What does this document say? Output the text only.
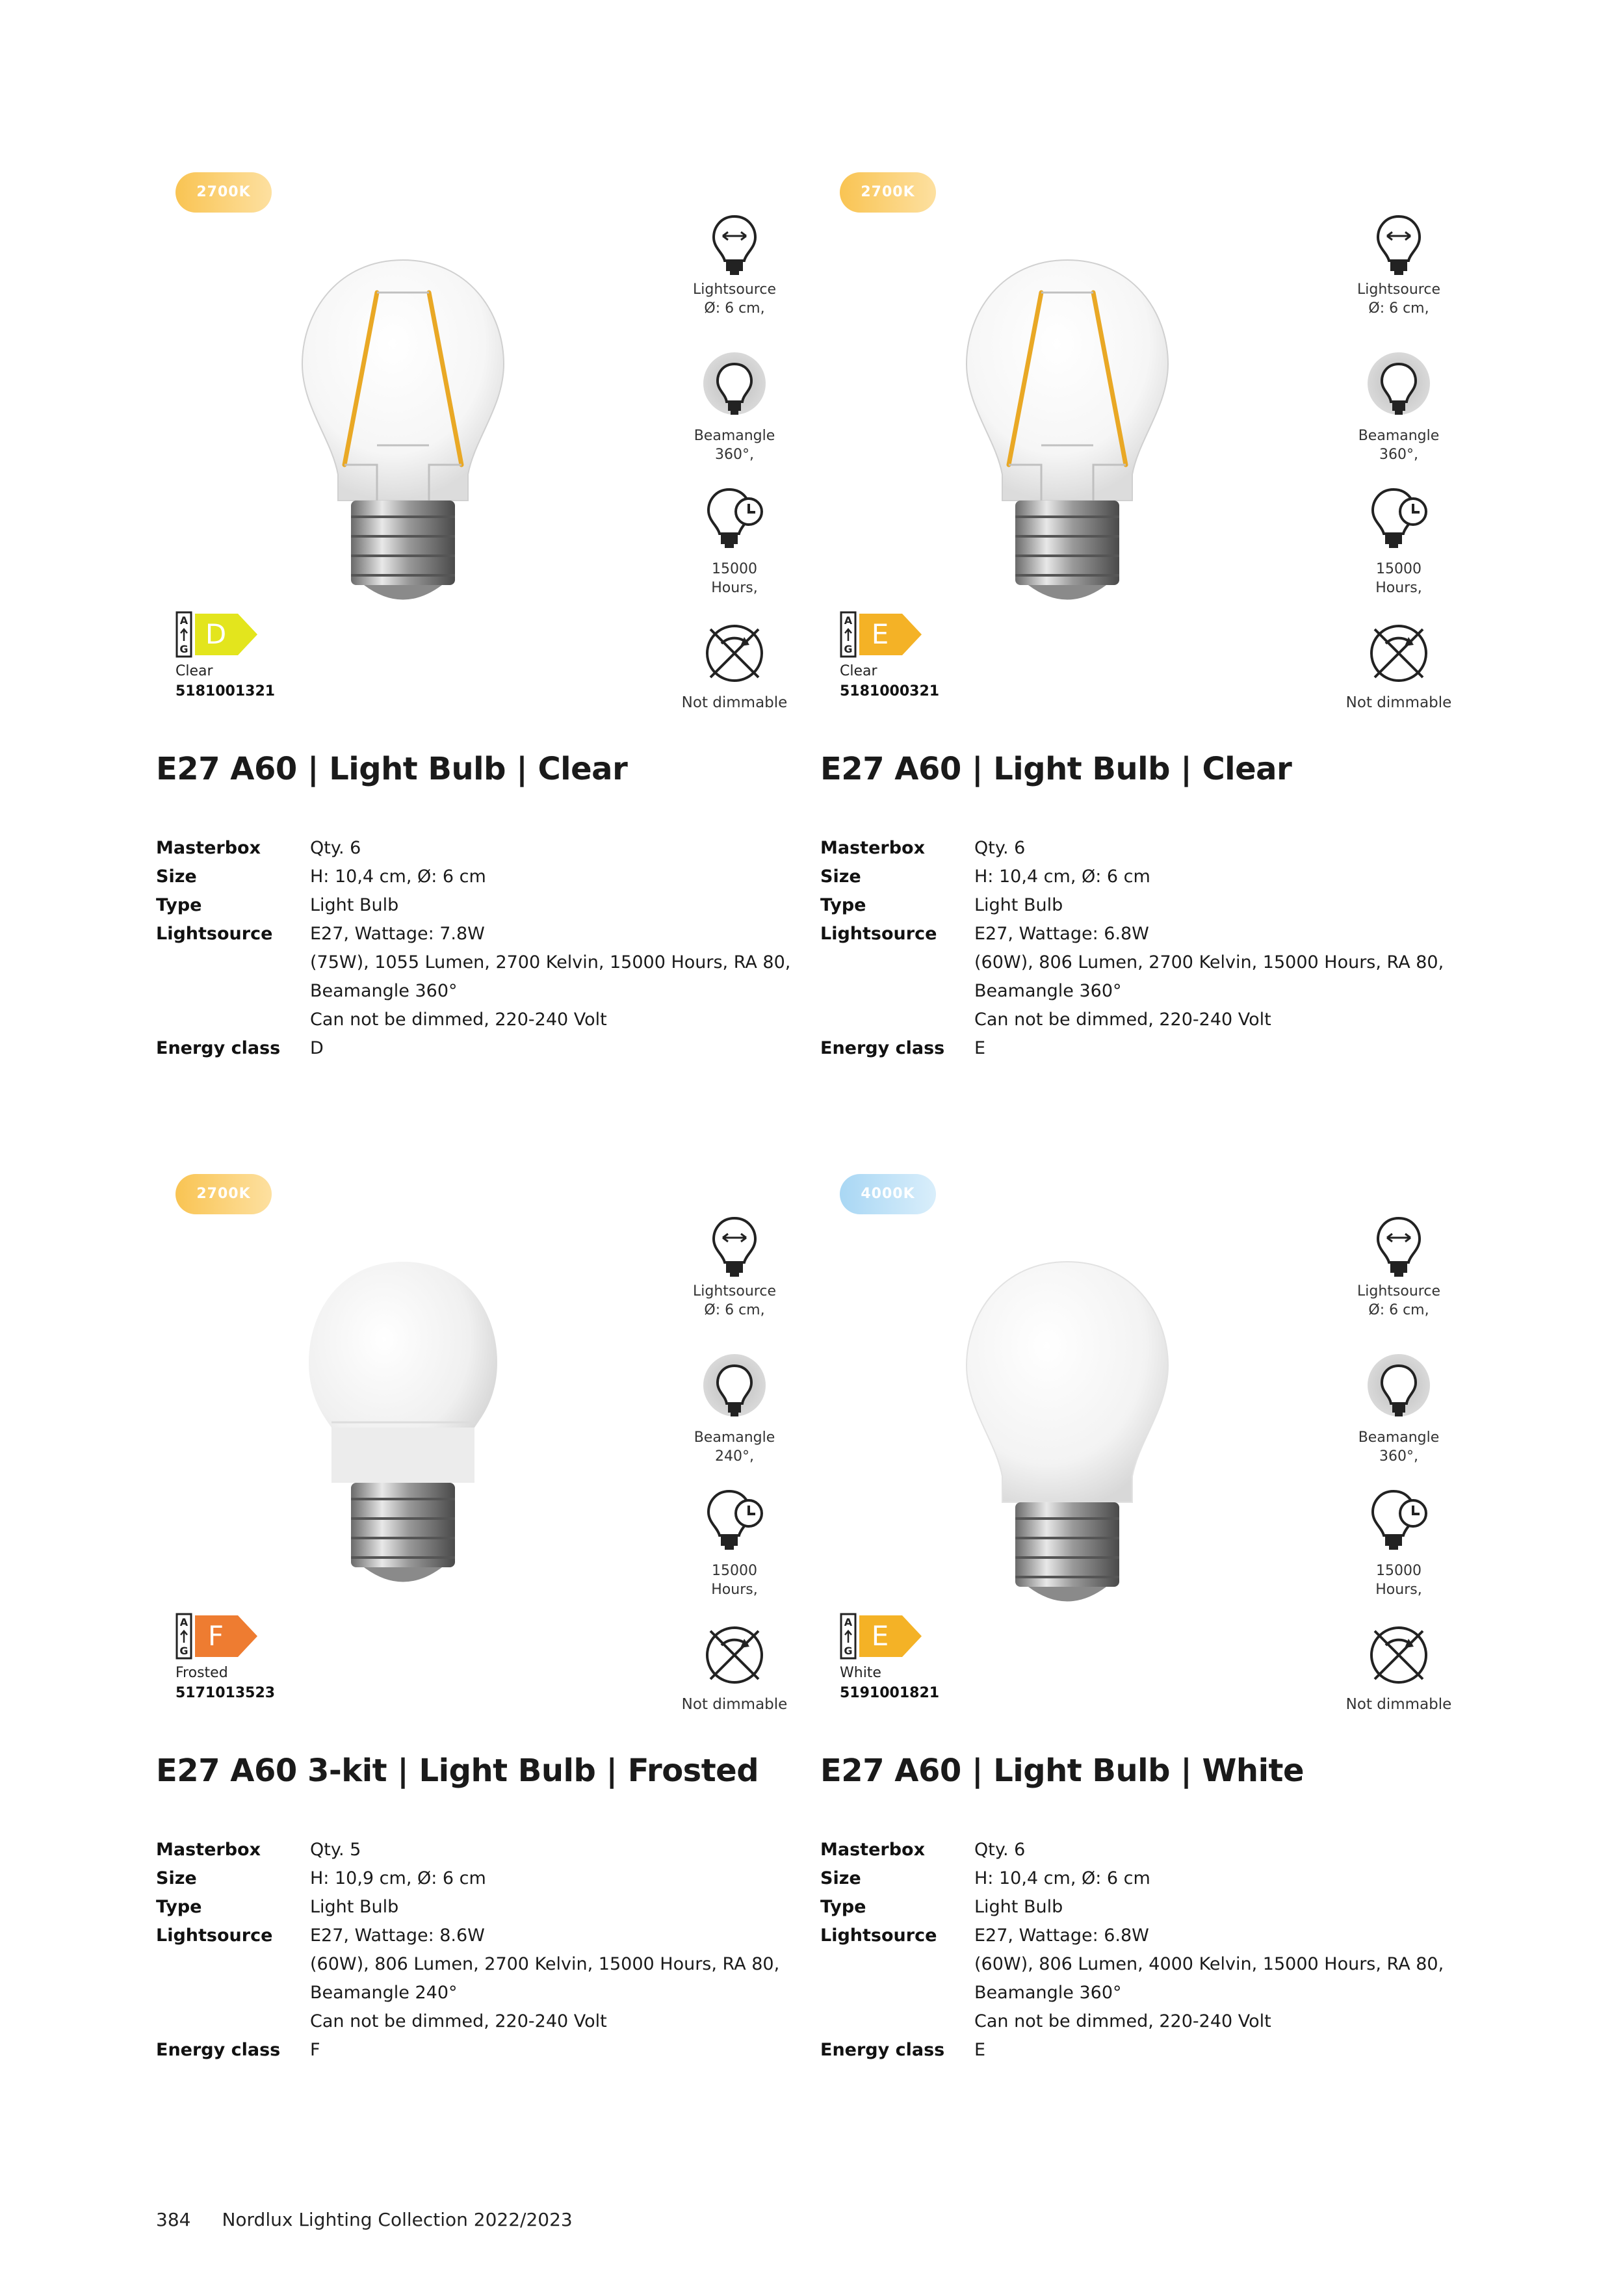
2700K
Lightsource
Ø: 6 cm,
Beamangle
360°,
15000
Hours,
Not dimmable
A
G D
Clear
5181001321
E27 A60 | Light Bulb | Clear
Masterbox	Qty. 6
Size	H: 10,4 cm, Ø: 6 cm
Type	Light Bulb
Lightsource	E27, Wattage: 7.8W
(75W), 1055 Lumen, 2700 Kelvin, 15000 Hours, RA 80,
Beamangle 360°
Can not be dimmed, 220-240 Volt
Energy class	D
2700K
Lightsource
Ø: 6 cm,
Beamangle
360°,
15000
Hours,
Not dimmable
A
G E
Clear
5181000321
E27 A60 | Light Bulb | Clear
Masterbox	Qty. 6
Size	H: 10,4 cm, Ø: 6 cm
Type	Light Bulb
Lightsource	E27, Wattage: 6.8W
(60W), 806 Lumen, 2700 Kelvin, 15000 Hours, RA 80,
Beamangle 360°
Can not be dimmed, 220-240 Volt
Energy class	E
2700K
Lightsource
Ø: 6 cm,
Beamangle
240°,
15000
Hours,
Not dimmable
A
G F
Frosted
5171013523
E27 A60 3-kit | Light Bulb | Frosted
Masterbox	Qty. 5
Size	H: 10,9 cm, Ø: 6 cm
Type	Light Bulb
Lightsource	E27, Wattage: 8.6W
(60W), 806 Lumen, 2700 Kelvin, 15000 Hours, RA 80,
Beamangle 240°
Can not be dimmed, 220-240 Volt
Energy class	F
4000K
Lightsource
Ø: 6 cm,
Beamangle
360°,
15000
Hours,
Not dimmable
A
G E
White
5191001821
E27 A60 | Light Bulb | White
Masterbox	Qty. 6
Size	H: 10,4 cm, Ø: 6 cm
Type	Light Bulb
Lightsource	E27, Wattage: 6.8W
(60W), 806 Lumen, 4000 Kelvin, 15000 Hours, RA 80,
Beamangle 360°
Can not be dimmed, 220-240 Volt
Energy class	E
384 Nordlux Lighting Collection 2022/2023
